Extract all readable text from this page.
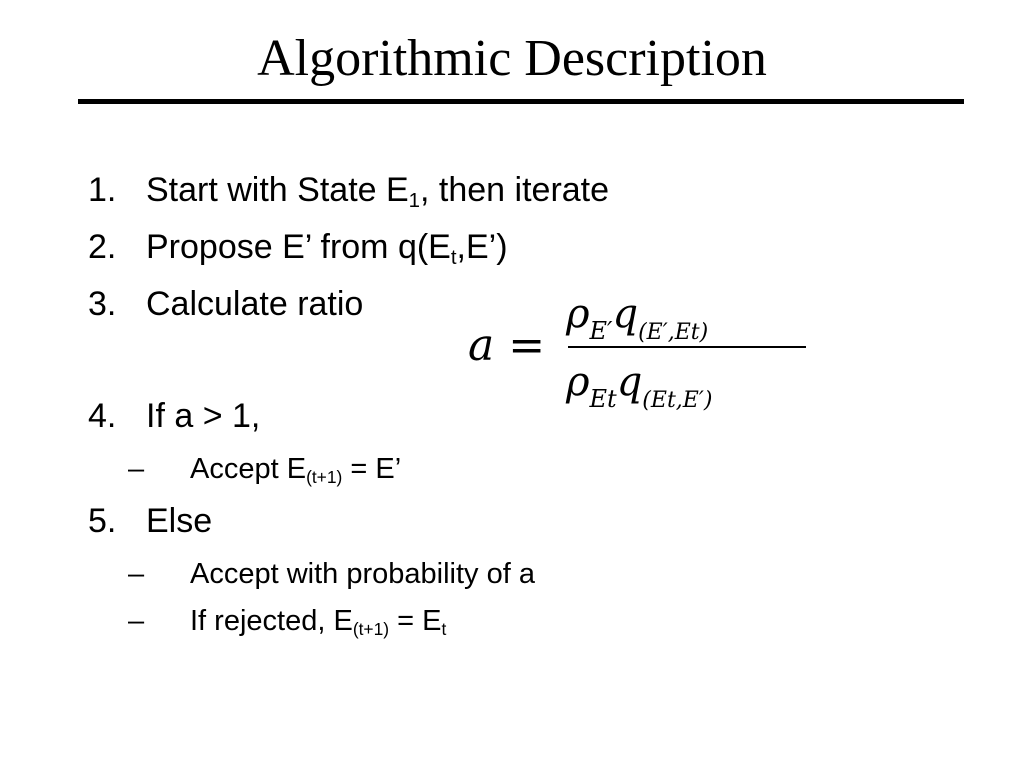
Algorithmic Description
1. Start with State $E_1$, then iterate
2. Propose E’ from $q(E_t,E’)$
3. Calculate ratio
a =
$\rho_{E'}q_{(E',Et)}$
$\rho_{Et}q_{(Et,E')}$
4. If a > 1,
– Accept $E_{(t+1)} = E$’
5. Else
– Accept with probability of a
– If rejected, $E_{(t+1)} = E_t$
